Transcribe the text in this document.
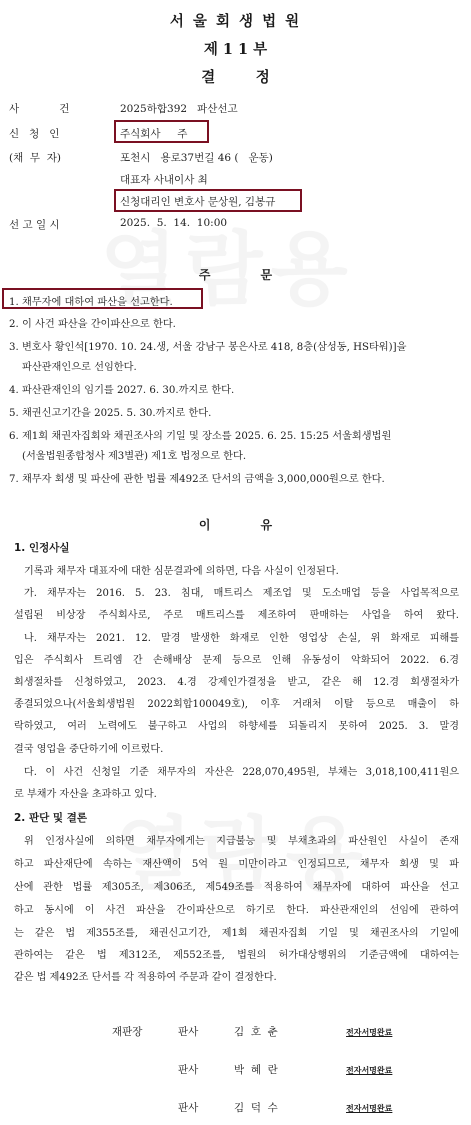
서 울 회 생 법 원
제 1 1 부
결        정
사            건	2025하합392   파산선고
신   청   인	주식회사     주
(채  무  자)	포천시   용로37번길 46 (   운동)
대표자 사내이사 최
신청대리인 변호사 문상원, 김봉규
선 고 일 시	2025.  5.  14.  10:00
주            문
1. 채무자에 대하여 파산을 선고한다.
2. 이 사건 파산을 간이파산으로 한다.
3. 변호사 황인석[1970. 10. 24.생, 서울 강남구 봉은사로 418, 8층(삼성동, HS타워)]을
파산관재인으로 선임한다.
4. 파산관재인의 임기를 2027. 6. 30.까지로 한다.
5. 채권신고기간을 2025. 5. 30.까지로 한다.
6. 제1회 채권자집회와 채권조사의 기일 및 장소를 2025. 6. 25. 15:25 서울회생법원
(서울법원종합청사 제3별관) 제1호 법정으로 한다.
7. 채무자 회생 및 파산에 관한 법률 제492조 단서의 금액을 3,000,000원으로 한다.
이            유
1. 인정사실
기록과 채무자 대표자에 대한 심문결과에 의하면, 다음 사실이 인정된다.
가. 채무자는 2016. 5. 23. 침대, 매트리스 제조업 및 도소매업 등을 사업목적으로
설립된 비상장 주식회사로, 주로 매트리스를 제조하여 판매하는 사업을 하여 왔다.
나. 채무자는 2021. 12. 말경 발생한 화재로 인한 영업상 손실, 위 화재로 피해를
입은 주식회사 트리엠 간 손해배상 문제 등으로 인해 유동성이 악화되어 2022. 6.경
회생절차를 신청하였고, 2023. 4.경 강제인가결정을 받고, 같은 해 12.경 회생절차가
종결되었으나(서울회생법원 2022회합100049호), 이후 거래처 이탈 등으로 매출이 하
락하였고, 여러 노력에도 불구하고 사업의 하향세를 되돌리지 못하여 2025. 3. 말경
결국 영업을 중단하기에 이르렀다.
다. 이 사건 신청일 기준 채무자의 자산은 228,070,495원, 부채는 3,018,100,411원으
로 부채가 자산을 초과하고 있다.
2. 판단 및 결론
위 인정사실에 의하면 채무자에게는 지급불능 및 부채초과의 파산원인 사실이 존재
하고 파산재단에 속하는 재산액이 5억 원 미만이라고 인정되므로, 채무자 회생 및 파
산에 관한 법률 제305조, 제306조, 제549조를 적용하여 채무자에 대하여 파산을 선고
하고 동시에 이 사건 파산을 간이파산으로 하기로 한다. 파산관재인의 선임에 관하여
는 같은 법 제355조를, 채권신고기간, 제1회 채권자집회 기일 및 채권조사의 기일에
관하여는 같은 법 제312조, 제552조를, 법원의 허가대상행위의 기준금액에 대하여는
같은 법 제492조 단서를 각 적용하여 주문과 같이 결정한다.
재판장	판사	김  호  춘	전자서명완료
판사	박  혜  란	전자서명완료
판사	김  덕  수	전자서명완료
